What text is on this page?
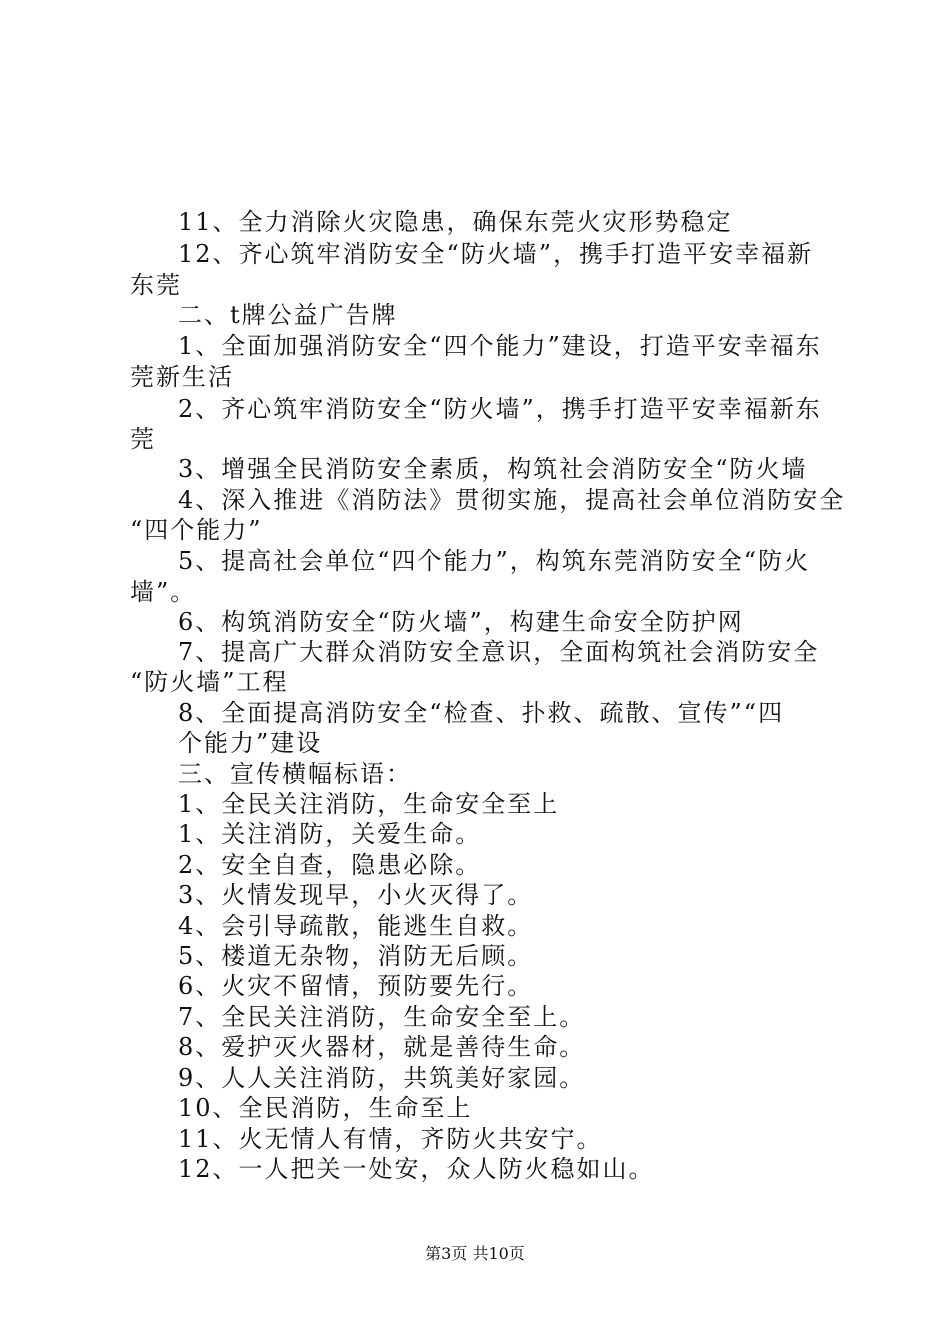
11、全力消除火灾隐患，确保东莞火灾形势稳定
12、齐心筑牢消防安全“防火墙”，携手打造平安幸福新
东莞
二、t牌公益广告牌
1、全面加强消防安全“四个能力”建设，打造平安幸福东
莞新生活
2、齐心筑牢消防安全“防火墙”，携手打造平安幸福新东
莞
3、增强全民消防安全素质，构筑社会消防安全“防火墙
4、深入推进《消防法》贯彻实施，提高社会单位消防安全
“四个能力”
5、提高社会单位“四个能力”，构筑东莞消防安全“防火
墙”。
6、构筑消防安全“防火墙”，构建生命安全防护网
7、提高广大群众消防安全意识，全面构筑社会消防安全
“防火墙”工程
8、全面提高消防安全“检查、扑救、疏散、宣传”“四
个能力”建设
三、宣传横幅标语：
1、全民关注消防，生命安全至上
1、关注消防，关爱生命。
2、安全自查，隐患必除。
3、火情发现早，小火灭得了。
4、会引导疏散，能逃生自救。
5、楼道无杂物，消防无后顾。
6、火灾不留情，预防要先行。
7、全民关注消防，生命安全至上。
8、爱护灭火器材，就是善待生命。
9、人人关注消防，共筑美好家园。
10、全民消防，生命至上
11、火无情人有情，齐防火共安宁。
12、一人把关一处安，众人防火稳如山。
第3页 共10页
